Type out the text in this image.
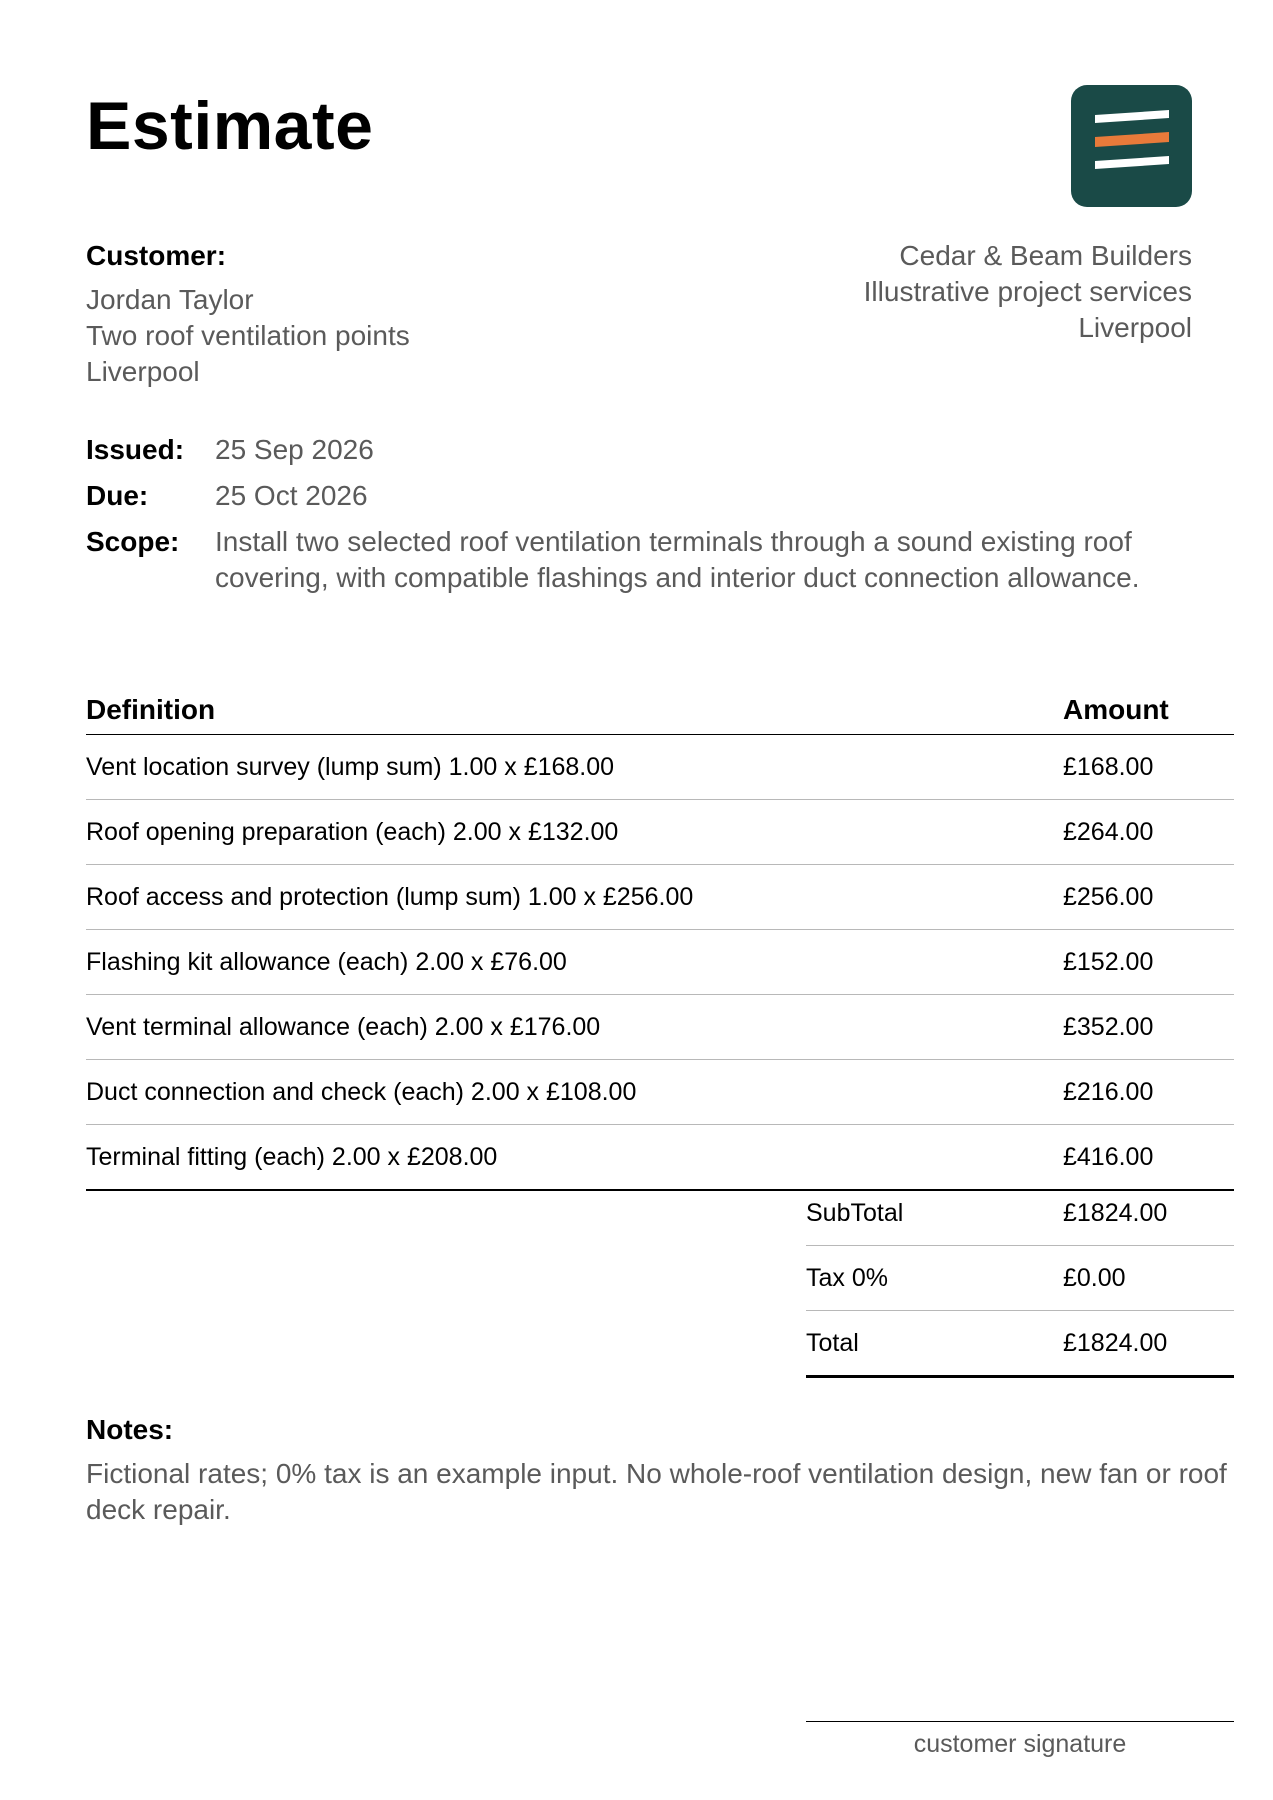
Estimate
Customer:
Jordan Taylor
Two roof ventilation points
Liverpool
Cedar & Beam Builders
Illustrative project services
Liverpool
Issued:	25 Sep 2026
Due:	25 Oct 2026
Scope:	Install two selected roof ventilation terminals through a sound existing roof covering, with compatible flashings and interior duct connection allowance.
Definition	Amount
Vent location survey (lump sum) 1.00 x £168.00	£168.00
Roof opening preparation (each) 2.00 x £132.00	£264.00
Roof access and protection (lump sum) 1.00 x £256.00	£256.00
Flashing kit allowance (each) 2.00 x £76.00	£152.00
Vent terminal allowance (each) 2.00 x £176.00	£352.00
Duct connection and check (each) 2.00 x £108.00	£216.00
Terminal fitting (each) 2.00 x £208.00	£416.00
SubTotal	£1824.00
Tax 0%	£0.00
Total	£1824.00
Notes:
Fictional rates; 0% tax is an example input. No whole-roof ventilation design, new fan or roof deck repair.
customer signature
